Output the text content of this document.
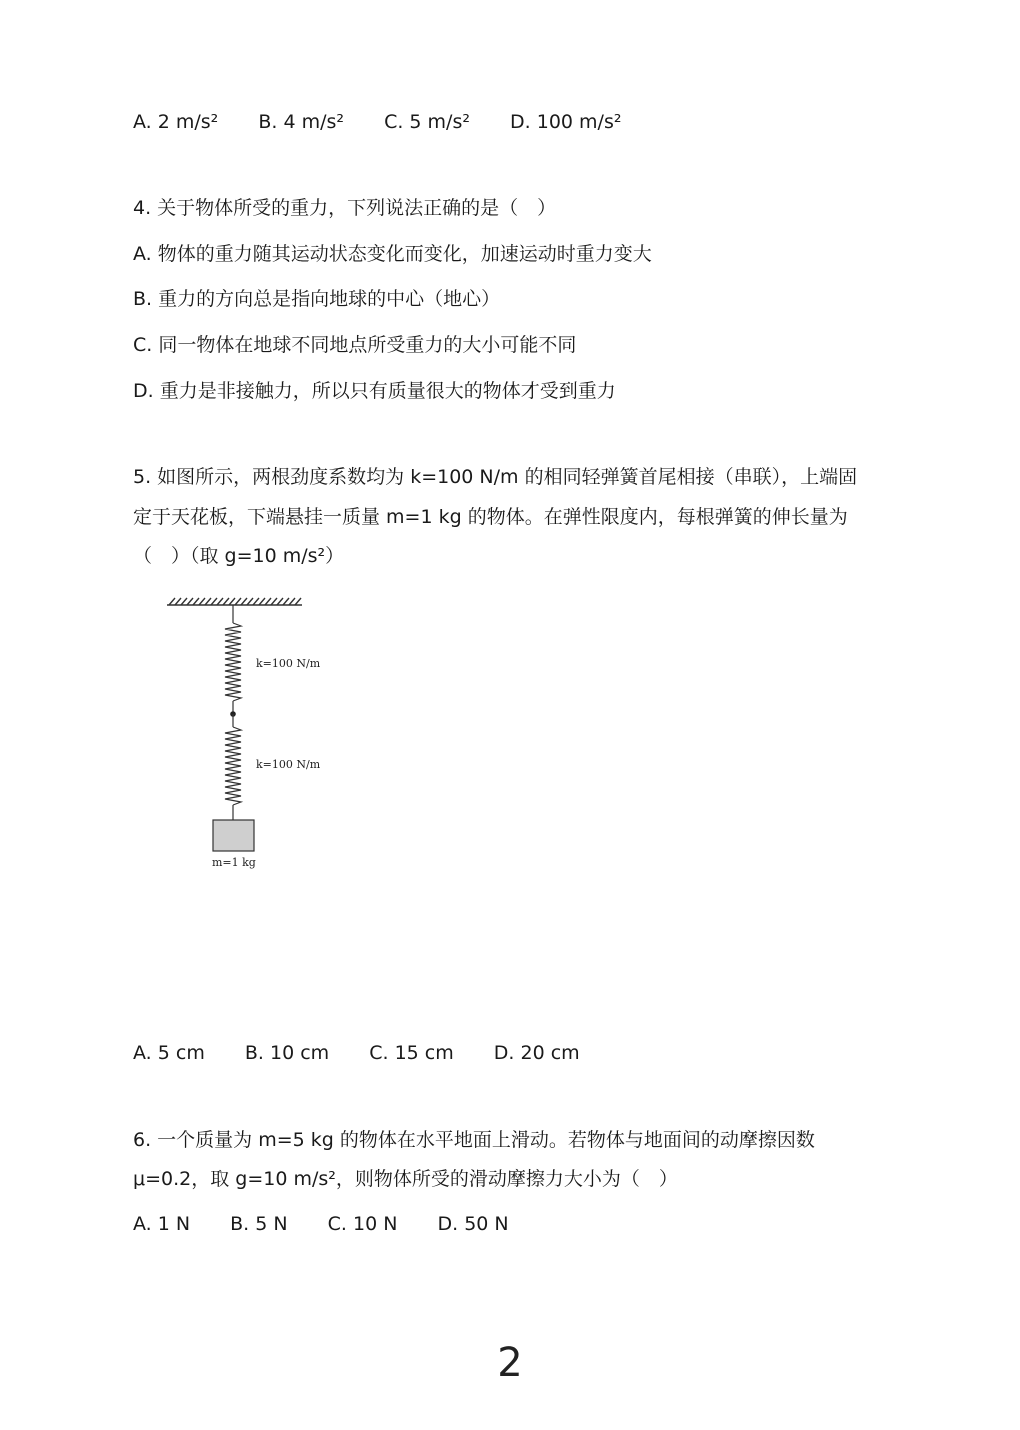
A. 2 m/s² B. 4 m/s² C. 5 m/s² D. 100 m/s²
4. 关于物体所受的重力，下列说法正确的是（　）
A. 物体的重力随其运动状态变化而变化，加速运动时重力变大
B. 重力的方向总是指向地球的中心（地心）
C. 同一物体在地球不同地点所受重力的大小可能不同
D. 重力是非接触力，所以只有质量很大的物体才受到重力
5. 如图所示，两根劲度系数均为 k=100 N/m 的相同轻弹簧首尾相接（串联），上端固
定于天花板，下端悬挂一质量 m=1 kg 的物体。在弹性限度内，每根弹簧的伸长量为
（　）（取 g=10 m/s²）
k=100 N/m
k=100 N/m
m=1 kg
A. 5 cm B. 10 cm C. 15 cm D. 20 cm
6. 一个质量为 m=5 kg 的物体在水平地面上滑动。若物体与地面间的动摩擦因数
μ=0.2，取 g=10 m/s²，则物体所受的滑动摩擦力大小为（　）
A. 1 N B. 5 N C. 10 N D. 50 N
2
